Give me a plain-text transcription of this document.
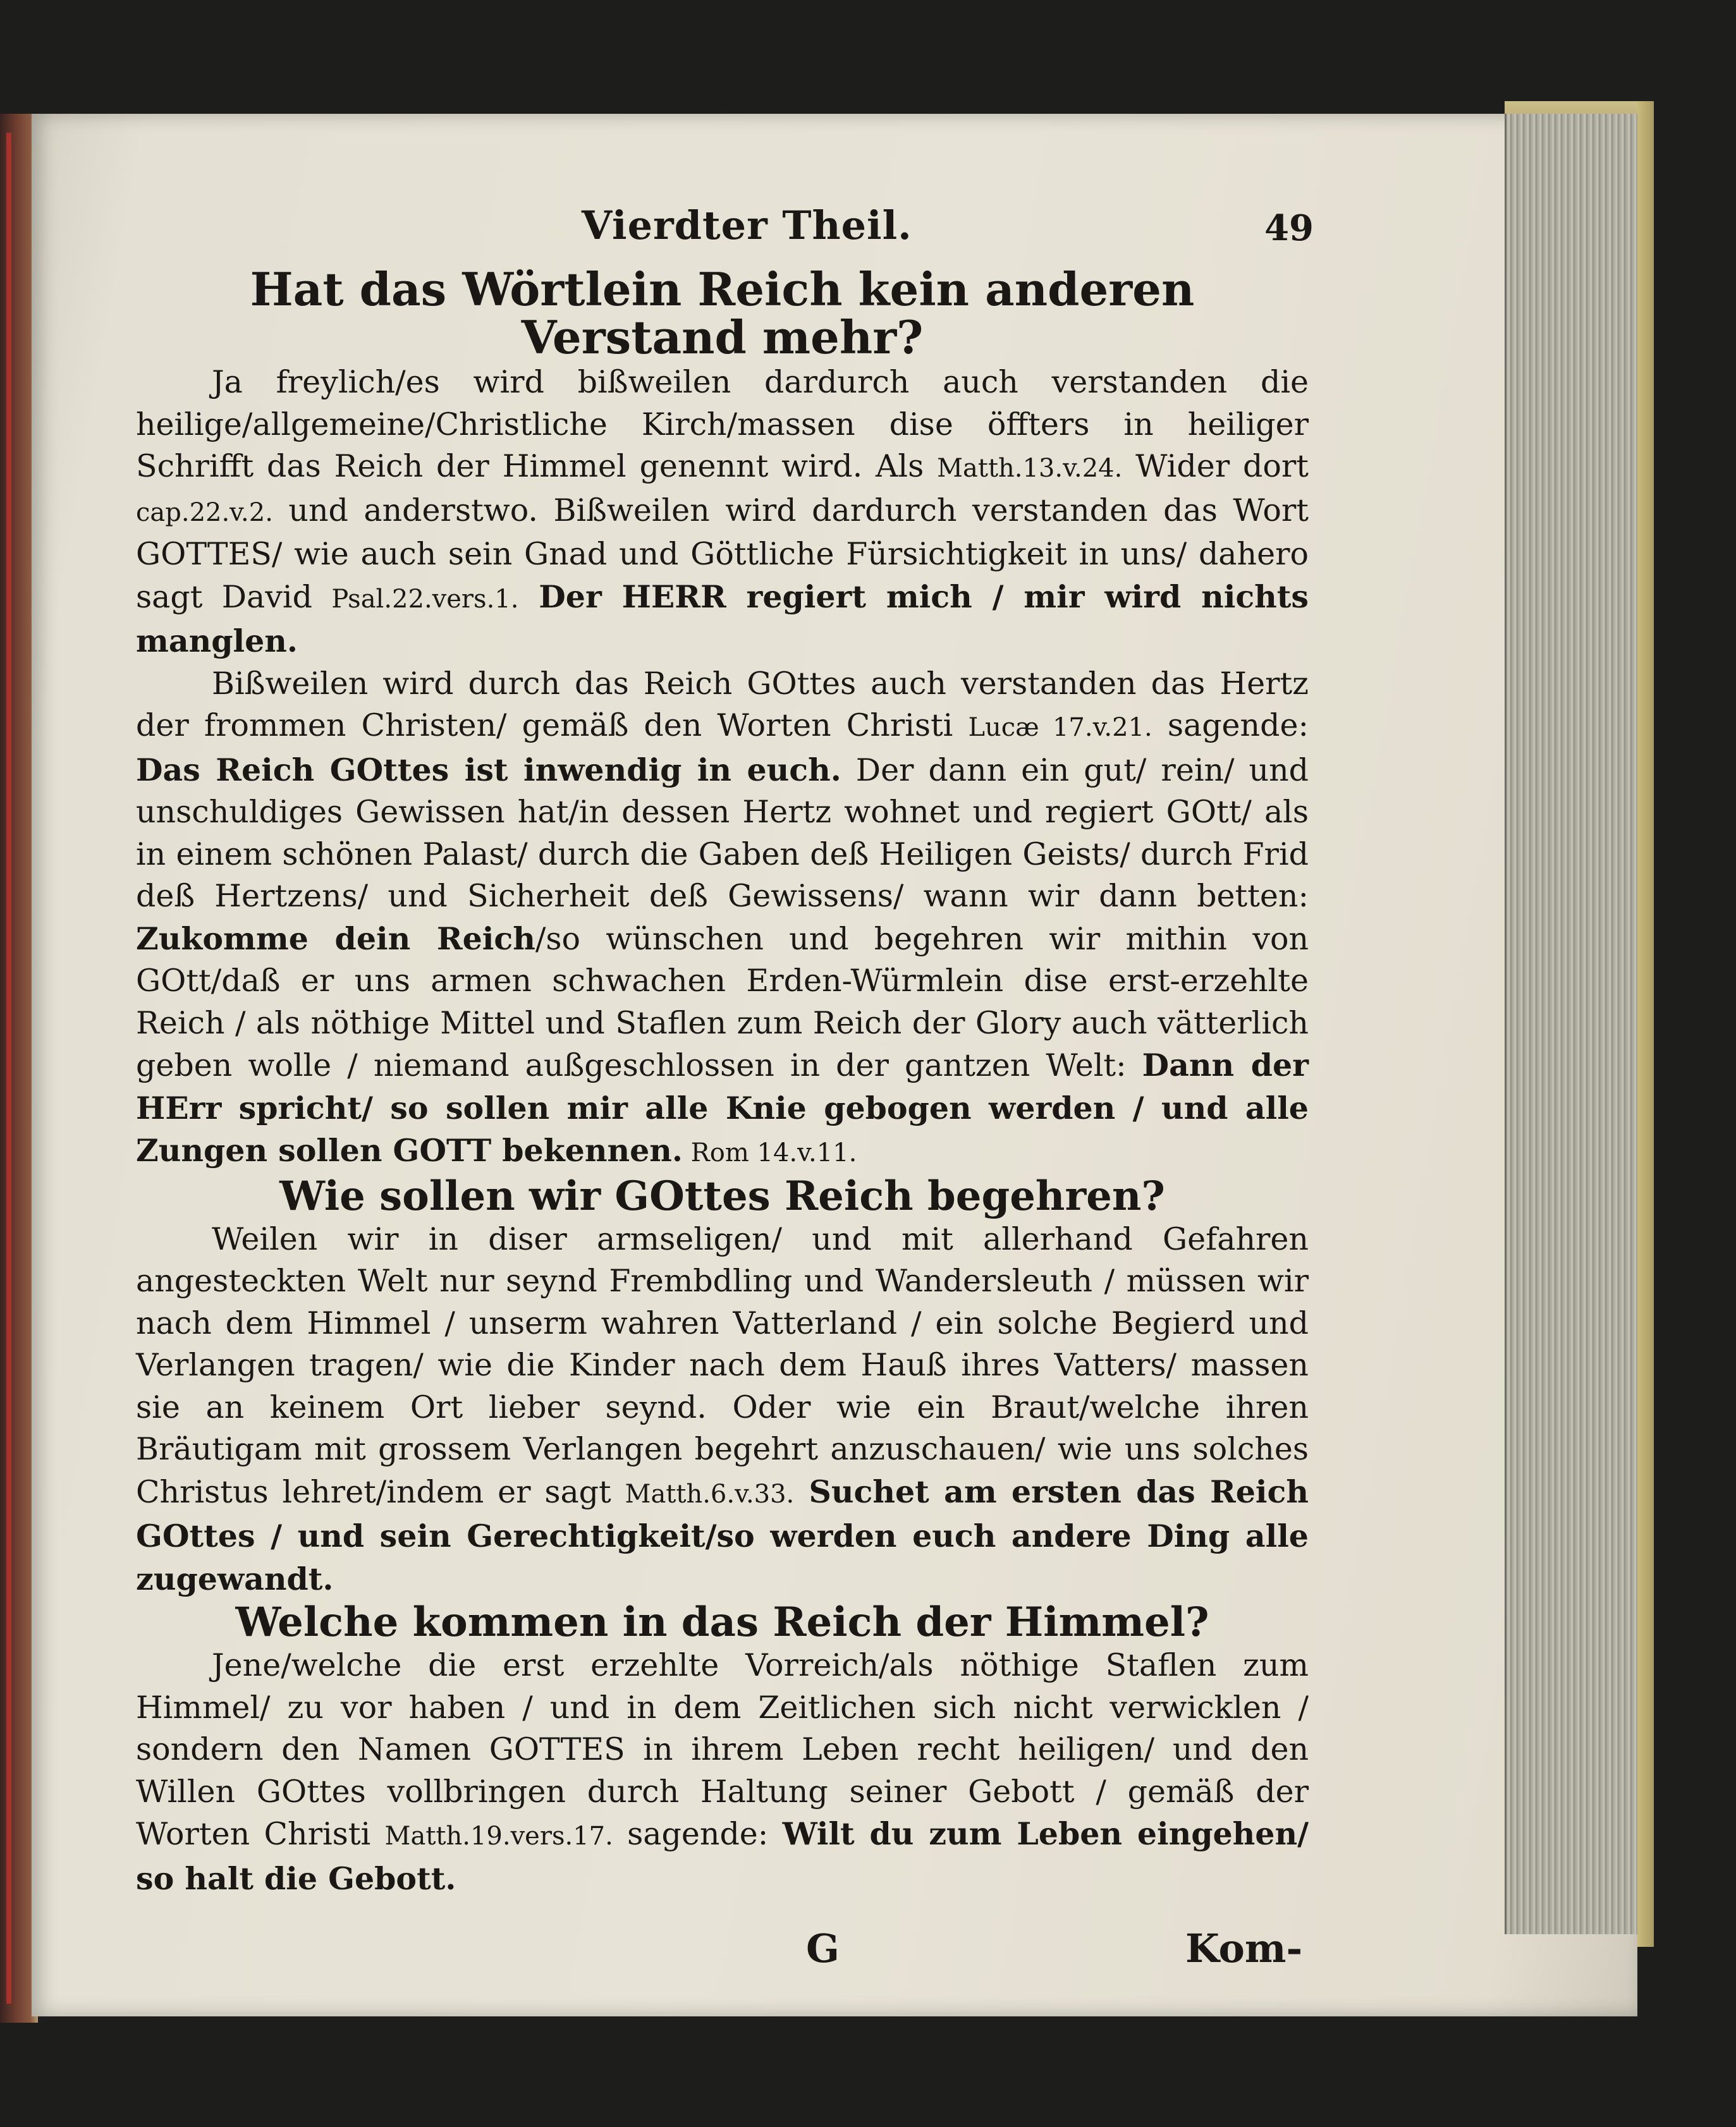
Vierdter Theil.	49

Hat das Wörtlein Reich kein anderen
Verstand mehr?

Ja freylich/es wird bißweilen dardurch auch verstanden die heilige/allgemeine/Christliche Kirch/massen dise öffters in heiliger Schrifft das Reich der Himmel genennt wird. Als Matth.13.v.24. Wider dort cap.22.v.2. und anderstwo. Bißweilen wird dardurch verstanden das Wort GOTTES/ wie auch sein Gnad und Göttliche Fürsichtigkeit in uns/ dahero sagt David Psal.22.vers.1. Der HERR regiert mich / mir wird nichts manglen.

Bißweilen wird durch das Reich GOttes auch verstanden das Hertz der frommen Christen/ gemäß den Worten Christi Lucæ 17.v.21. sagende: Das Reich GOttes ist inwendig in euch. Der dann ein gut/ rein/ und unschuldiges Gewissen hat/in dessen Hertz wohnet und regiert GOtt/ als in einem schönen Palast/ durch die Gaben deß Heiligen Geists/ durch Frid deß Hertzens/ und Sicherheit deß Gewissens/ wann wir dann betten: Zukomme dein Reich/so wünschen und begehren wir mithin von GOtt/daß er uns armen schwachen Erden-Würmlein dise erst-erzehlte Reich / als nöthige Mittel und Staflen zum Reich der Glory auch vätterlich geben wolle / niemand außgeschlossen in der gantzen Welt: Dann der HErr spricht/ so sollen mir alle Knie gebogen werden / und alle Zungen sollen GOTT bekennen. Rom 14.v.11.

Wie sollen wir GOttes Reich begehren?

Weilen wir in diser armseligen/ und mit allerhand Gefahren angesteckten Welt nur seynd Frembdling und Wandersleuth / müssen wir nach dem Himmel / unserm wahren Vatterland / ein solche Begierd und Verlangen tragen/ wie die Kinder nach dem Hauß ihres Vatters/ massen sie an keinem Ort lieber seynd. Oder wie ein Braut/welche ihren Bräutigam mit grossem Verlangen begehrt anzuschauen/ wie uns solches Christus lehret/indem er sagt Matth.6.v.33. Suchet am ersten das Reich GOttes / und sein Gerechtigkeit/so werden euch andere Ding alle zugewandt.

Welche kommen in das Reich der Himmel?

Jene/welche die erst erzehlte Vorreich/als nöthige Staflen zum Himmel/ zu vor haben / und in dem Zeitlichen sich nicht verwicklen / sondern den Namen GOTTES in ihrem Leben recht heiligen/ und den Willen GOttes vollbringen durch Haltung seiner Gebott / gemäß der Worten Christi Matth.19.vers.17. sagende: Wilt du zum Leben eingehen/ so halt die Gebott.

G	Kom-
